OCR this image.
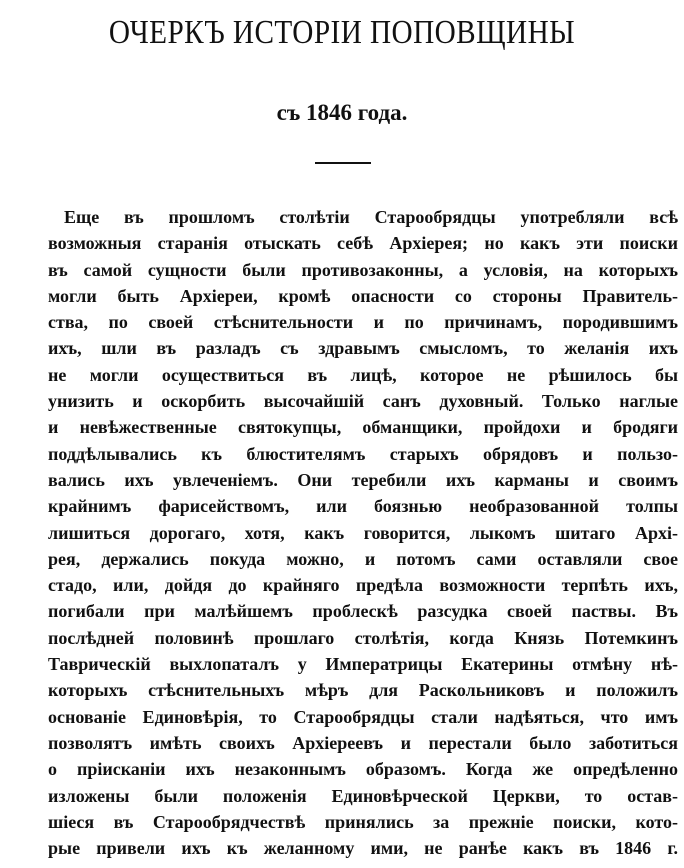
ОЧЕРКЪ ИСТОРІИ ПОПОВЩИНЫ
съ 1846 года.
Еще въ прошломъ столѣтіи Старообрядцы употребляли всѣ
возможныя старанія отыскать себѣ Архіерея; но какъ эти поиски
въ самой сущности были противозаконны, а условія, на которыхъ
могли быть Архіереи, кромѣ опасности со стороны Правитель-
ства, по своей стѣснительности и по причинамъ, породившимъ
ихъ, шли въ разладъ съ здравымъ смысломъ, то желанія ихъ
не могли осуществиться въ лицѣ, которое не рѣшилось бы
унизить и оскорбить высочайшій санъ духовный. Только наглые
и невѣжественные святокупцы, обманщики, пройдохи и бродяги
поддѣлывались къ блюстителямъ старыхъ обрядовъ и пользо-
вались ихъ увлеченіемъ. Они теребили ихъ карманы и своимъ
крайнимъ фарисействомъ, или боязнью необразованной толпы
лишиться дорогаго, хотя, какъ говорится, лыкомъ шитаго Архі-
рея, держались покуда можно, и потомъ сами оставляли свое
стадо, или, дойдя до крайняго предѣла возможности терпѣть ихъ,
погибали при малѣйшемъ проблескѣ разсудка своей паствы. Въ
послѣдней половинѣ прошлаго столѣтія, когда Князь Потемкинъ
Таврическій выхлопаталъ у Императрицы Екатерины отмѣну нѣ-
которыхъ стѣснительныхъ мѣръ для Раскольниковъ и положилъ
основаніе Единовѣрія, то Старообрядцы стали надѣяться, что имъ
позволятъ имѣть своихъ Архіереевъ и перестали было заботиться
о пріисканіи ихъ незаконнымъ образомъ. Когда же опредѣленно
изложены были положенія Единовѣрческой Церкви, то остав-
шіеся въ Старообрядчествѣ принялись за прежніе поиски, кото-
рые привели ихъ къ желанному ими, не ранѣе какъ въ 1846 г.
